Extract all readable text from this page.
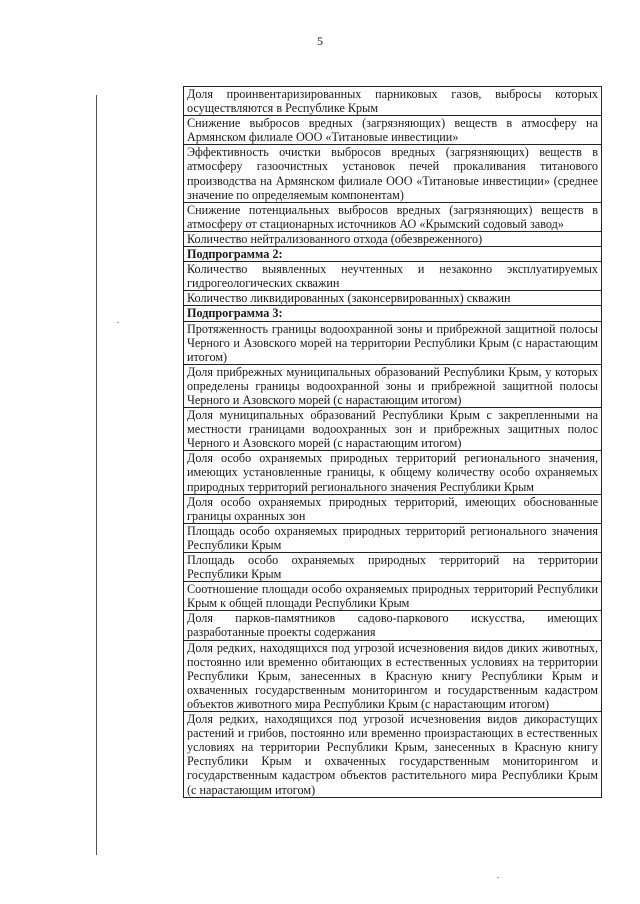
5
Доля проинвентаризированных парниковых газов, выбросы которых осуществляются в Республике Крым
Снижение выбросов вредных (загрязняющих) веществ в атмосферу на Армянском филиале ООО «Титановые инвестиции»
Эффективность очистки выбросов вредных (загрязняющих) веществ в атмосферу газоочистных установок печей прокаливания титанового производства на Армянском филиале ООО «Титановые инвестиции» (среднее значение по определяемым компонентам)
Снижение потенциальных выбросов вредных (загрязняющих) веществ в атмосферу от стационарных источников АО «Крымский содовый завод»
Количество нейтрализованного отхода (обезвреженного)
Подпрограмма 2:
Количество выявленных неучтенных и незаконно эксплуатируемых гидрогеологических скважин
Количество ликвидированных (законсервированных) скважин
Подпрограмма 3:
Протяженность границы водоохранной зоны и прибрежной защитной полосы Черного и Азовского морей на территории Республики Крым (с нарастающим итогом)
Доля прибрежных муниципальных образований Республики Крым, у которых определены границы водоохранной зоны и прибрежной защитной полосы Черного и Азовского морей (с нарастающим итогом)
Доля муниципальных образований Республики Крым с закрепленными на местности границами водоохранных зон и прибрежных защитных полос Черного и Азовского морей (с нарастающим итогом)
Доля особо охраняемых природных территорий регионального значения, имеющих установленные границы, к общему количеству особо охраняемых природных территорий регионального значения Республики Крым
Доля особо охраняемых природных территорий, имеющих обоснованные границы охранных зон
Площадь особо охраняемых природных территорий регионального значения Республики Крым
Площадь особо охраняемых природных территорий на территории Республики Крым
Соотношение площади особо охраняемых природных территорий Республики Крым к общей площади Республики Крым
Доля парков-памятников садово-паркового искусства, имеющих разработанные проекты содержания
Доля редких, находящихся под угрозой исчезновения видов диких животных, постоянно или временно обитающих в естественных условиях на территории Республики Крым, занесенных в Красную книгу Республики Крым и охваченных государственным мониторингом и государственным кадастром объектов животного мира Республики Крым (с нарастающим итогом)
Доля редких, находящихся под угрозой исчезновения видов дикорастущих растений и грибов, постоянно или временно произрастающих в естественных условиях на территории Республики Крым, занесенных в Красную книгу Республики Крым и охваченных государственным мониторингом и государственным кадастром объектов растительного мира Республики Крым (с нарастающим итогом)
